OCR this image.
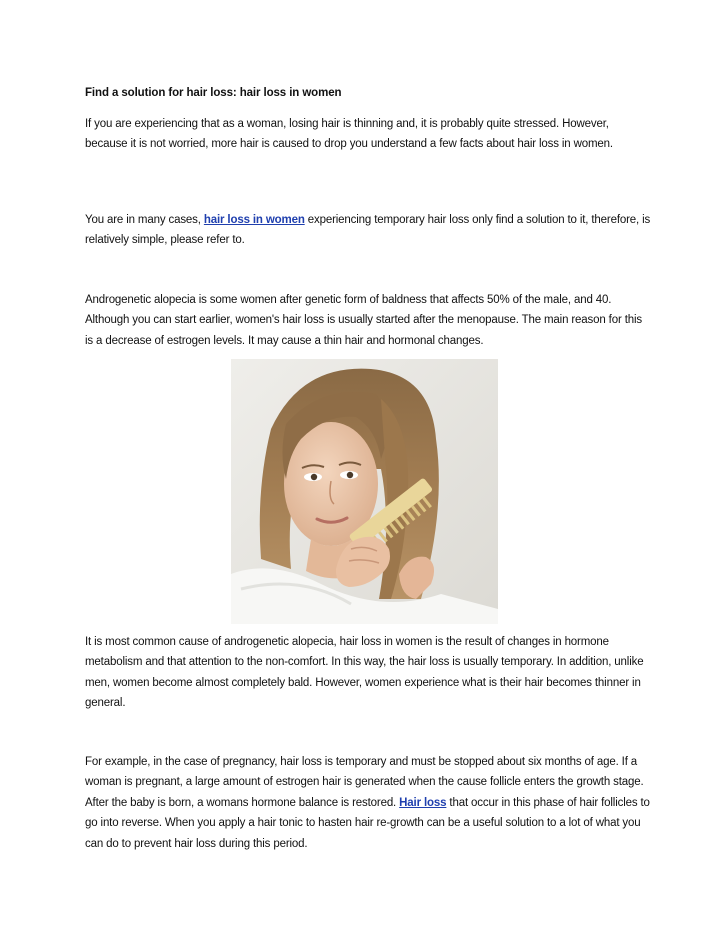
Find a solution for hair loss: hair loss in women

If you are experiencing that as a woman, losing hair is thinning and, it is probably quite stressed. However, because it is not worried, more hair is caused to drop you understand a few facts about hair loss in women.

You are in many cases, hair loss in women experiencing temporary hair loss only find a solution to it, therefore, is relatively simple, please refer to.

Androgenetic alopecia is some women after genetic form of baldness that affects 50% of the male, and 40. Although you can start earlier, women's hair loss is usually started after the menopause. The main reason for this is a decrease of estrogen levels. It may cause a thin hair and hormonal changes.

It is most common cause of androgenetic alopecia, hair loss in women is the result of changes in hormone metabolism and that attention to the non-comfort. In this way, the hair loss is usually temporary. In addition, unlike men, women become almost completely bald. However, women experience what is their hair becomes thinner in general.

For example, in the case of pregnancy, hair loss is temporary and must be stopped about six months of age. If a woman is pregnant, a large amount of estrogen hair is generated when the cause follicle enters the growth stage. After the baby is born, a womans hormone balance is restored. Hair loss that occur in this phase of hair follicles to go into reverse. When you apply a hair tonic to hasten hair re-growth can be a useful solution to a lot of what you can do to prevent hair loss during this period.
